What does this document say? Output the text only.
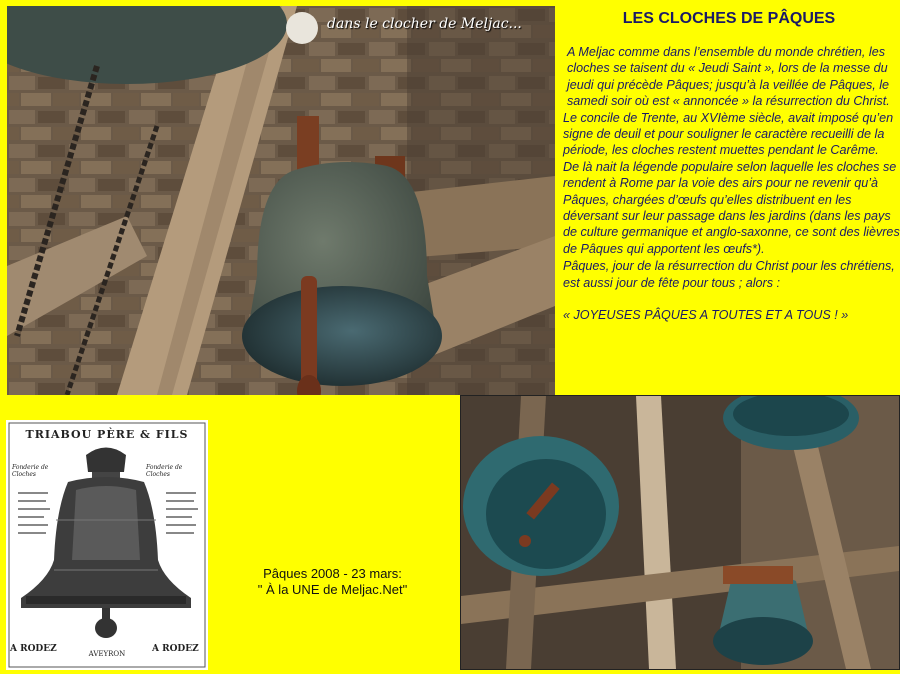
dans le clocher de Meljac...	LES CLOCHES DE PÂQUES

A Meljac comme dans l’ensemble du monde chrétien, les cloches se taisent du « Jeudi Saint », lors de la messe du jeudi qui précède Pâques; jusqu’à la veillée de Pâques, le samedi soir où est « annoncée » la résurrection du Christ.

Le concile de Trente, au XVIème siècle, avait imposé qu’en signe de deuil et pour souligner le caractère recueilli de la période, les cloches restent muettes pendant le Carême.

De là nait la légende populaire selon laquelle les cloches se rendent à Rome par la voie des airs pour ne revenir qu’à Pâques, chargées d’œufs qu’elles distribuent en les déversant sur leur passage dans les jardins (dans les pays de culture germanique et anglo-saxonne, ce sont des lièvres de Pâques qui apportent les œufs*).

Pâques, jour de la résurrection du Christ pour les chrétiens, est aussi jour de fête pour tous ; alors :

« JOYEUSES PÂQUES A TOUTES ET A TOUS ! »

TRIABOU PÈRE & FILS
Fonderie de Cloches
Fonderie de Cloches
A RODEZ	AVEYRON	A RODEZ
Pâques 2008 - 23 mars:
" À la UNE de Meljac.Net"
